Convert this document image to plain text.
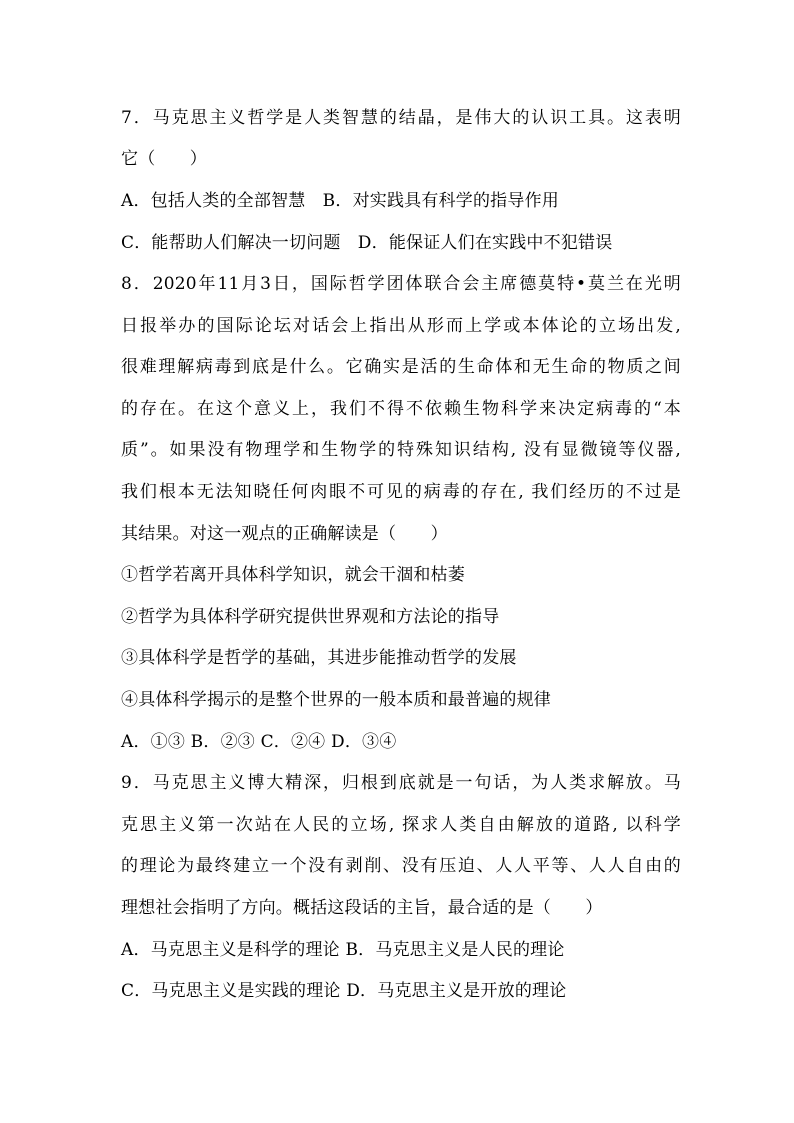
7．马克思主义哲学是人类智慧的结晶，是伟大的认识工具。这表明
它（　　）
A．包括人类的全部智慧　B．对实践具有科学的指导作用
C．能帮助人们解决一切问题　D．能保证人们在实践中不犯错误
8．2020年11月3日，国际哲学团体联合会主席德莫特•莫兰在光明
日报举办的国际论坛对话会上指出从形而上学或本体论的立场出发,
很难理解病毒到底是什么。它确实是活的生命体和无生命的物质之间
的存在。在这个意义上，我们不得不依赖生物科学来决定病毒的“本
质”。如果没有物理学和生物学的特殊知识结构, 没有显微镜等仪器,
我们根本无法知晓任何肉眼不可见的病毒的存在, 我们经历的不过是
其结果。对这一观点的正确解读是（　　）
①哲学若离开具体科学知识，就会干涸和枯萎
②哲学为具体科学研究提供世界观和方法论的指导
③具体科学是哲学的基础，其进步能推动哲学的发展
④具体科学揭示的是整个世界的一般本质和最普遍的规律
A．①③ B．②③ C．②④ D．③④
9．马克思主义博大精深，归根到底就是一句话，为人类求解放。马
克思主义第一次站在人民的立场, 探求人类自由解放的道路, 以科学
的理论为最终建立一个没有剥削、没有压迫、人人平等、人人自由的
理想社会指明了方向。概括这段话的主旨，最合适的是（　　）
A．马克思主义是科学的理论 B．马克思主义是人民的理论
C．马克思主义是实践的理论 D．马克思主义是开放的理论
